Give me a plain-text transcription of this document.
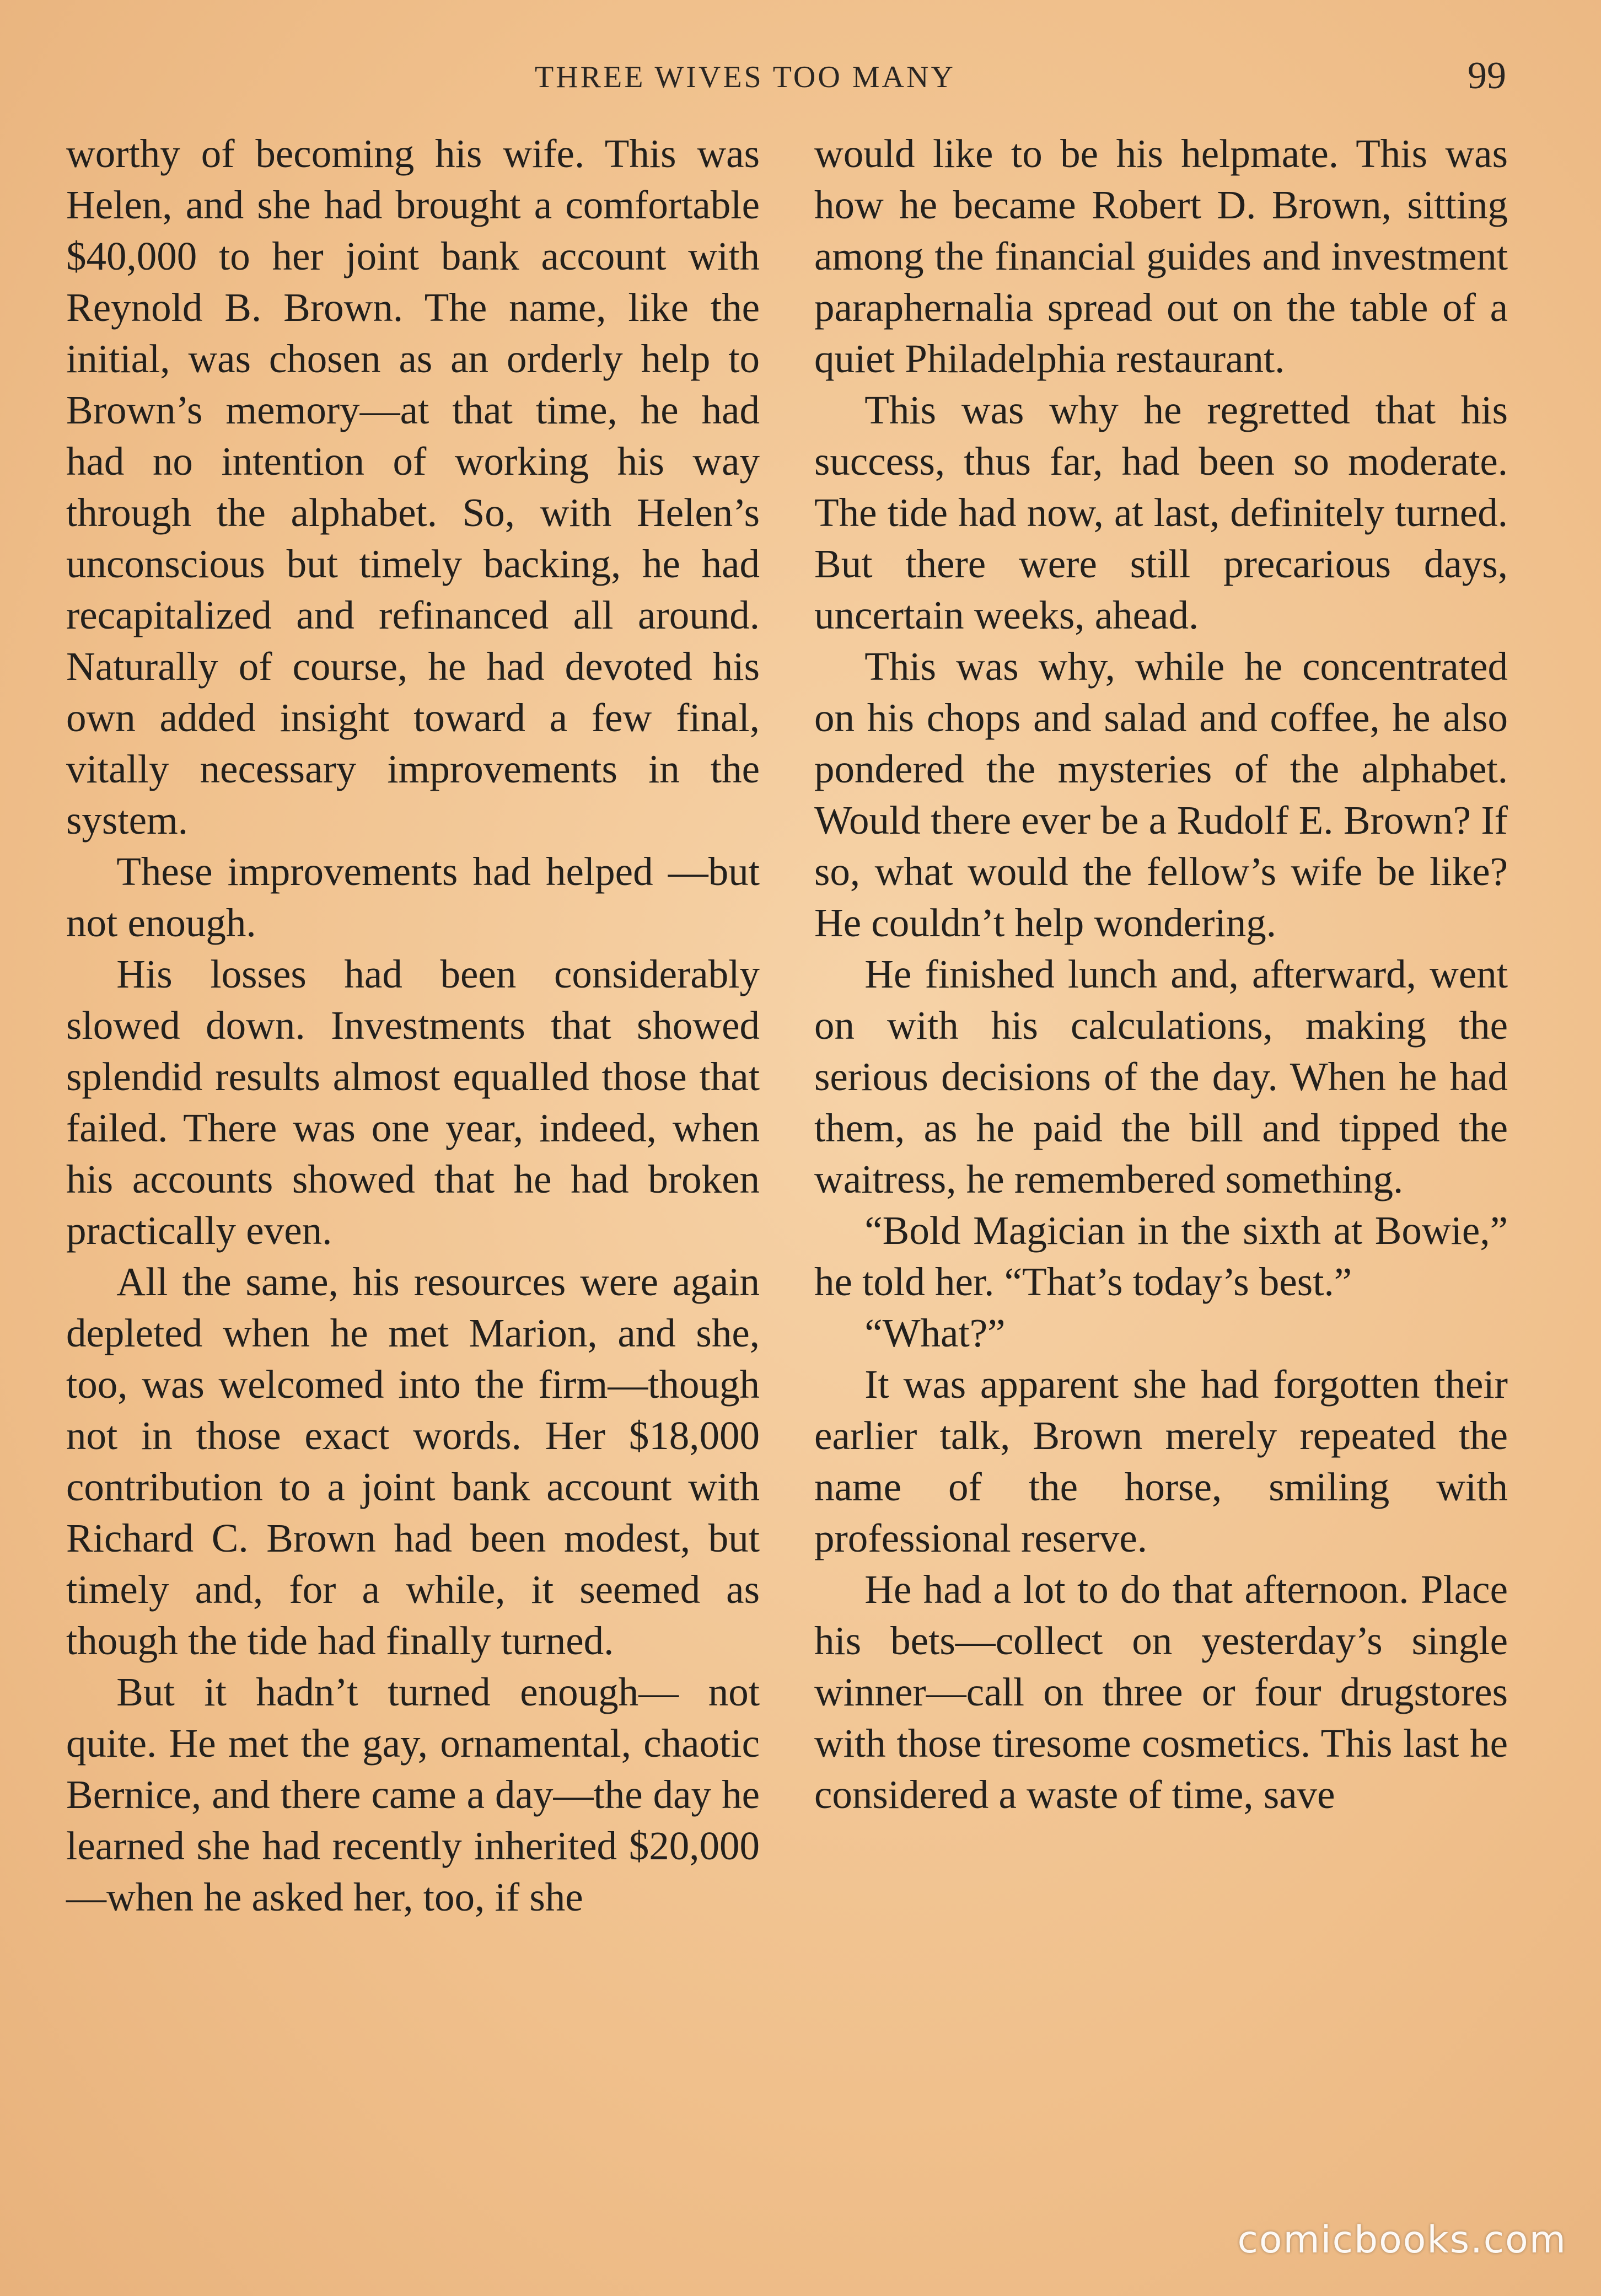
THREE WIVES TOO MANY	99

worthy of becoming his wife. This was Helen, and she had brought a comfortable $40,000 to her joint bank account with Reynold B. Brown. The name, like the initial, was chosen as an orderly help to Brown’s memory—at that time, he had had no intention of working his way through the alphabet. So, with Helen’s unconscious but timely backing, he had recapitalized and refinanced all around. Naturally of course, he had devoted his own added insight toward a few final, vitally necessary improvements in the system.

These improvements had helped —but not enough.

His losses had been considerably slowed down. Investments that showed splendid results almost equalled those that failed. There was one year, indeed, when his accounts showed that he had broken practically even.

All the same, his resources were again depleted when he met Marion, and she, too, was welcomed into the firm—though not in those exact words. Her $18,000 contribution to a joint bank account with Richard C. Brown had been modest, but timely and, for a while, it seemed as though the tide had finally turned.

But it hadn’t turned enough— not quite. He met the gay, ornamental, chaotic Bernice, and there came a day—the day he learned she had recently inherited $20,000 —when he asked her, too, if she

would like to be his helpmate. This was how he became Robert D. Brown, sitting among the financial guides and investment paraphernalia spread out on the table of a quiet Philadelphia restaurant.

This was why he regretted that his success, thus far, had been so moderate. The tide had now, at last, definitely turned. But there were still precarious days, uncertain weeks, ahead.

This was why, while he concentrated on his chops and salad and coffee, he also pondered the mysteries of the alphabet. Would there ever be a Rudolf E. Brown? If so, what would the fellow’s wife be like? He couldn’t help wondering.

He finished lunch and, afterward, went on with his calculations, making the serious decisions of the day. When he had them, as he paid the bill and tipped the waitress, he remembered something.

“Bold Magician in the sixth at Bowie,” he told her. “That’s today’s best.”

“What?”

It was apparent she had forgotten their earlier talk, Brown merely repeated the name of the horse, smiling with professional reserve.

He had a lot to do that afternoon. Place his bets—collect on yesterday’s single winner—call on three or four drugstores with those tiresome cosmetics. This last he considered a waste of time, save

comicbooks.com
